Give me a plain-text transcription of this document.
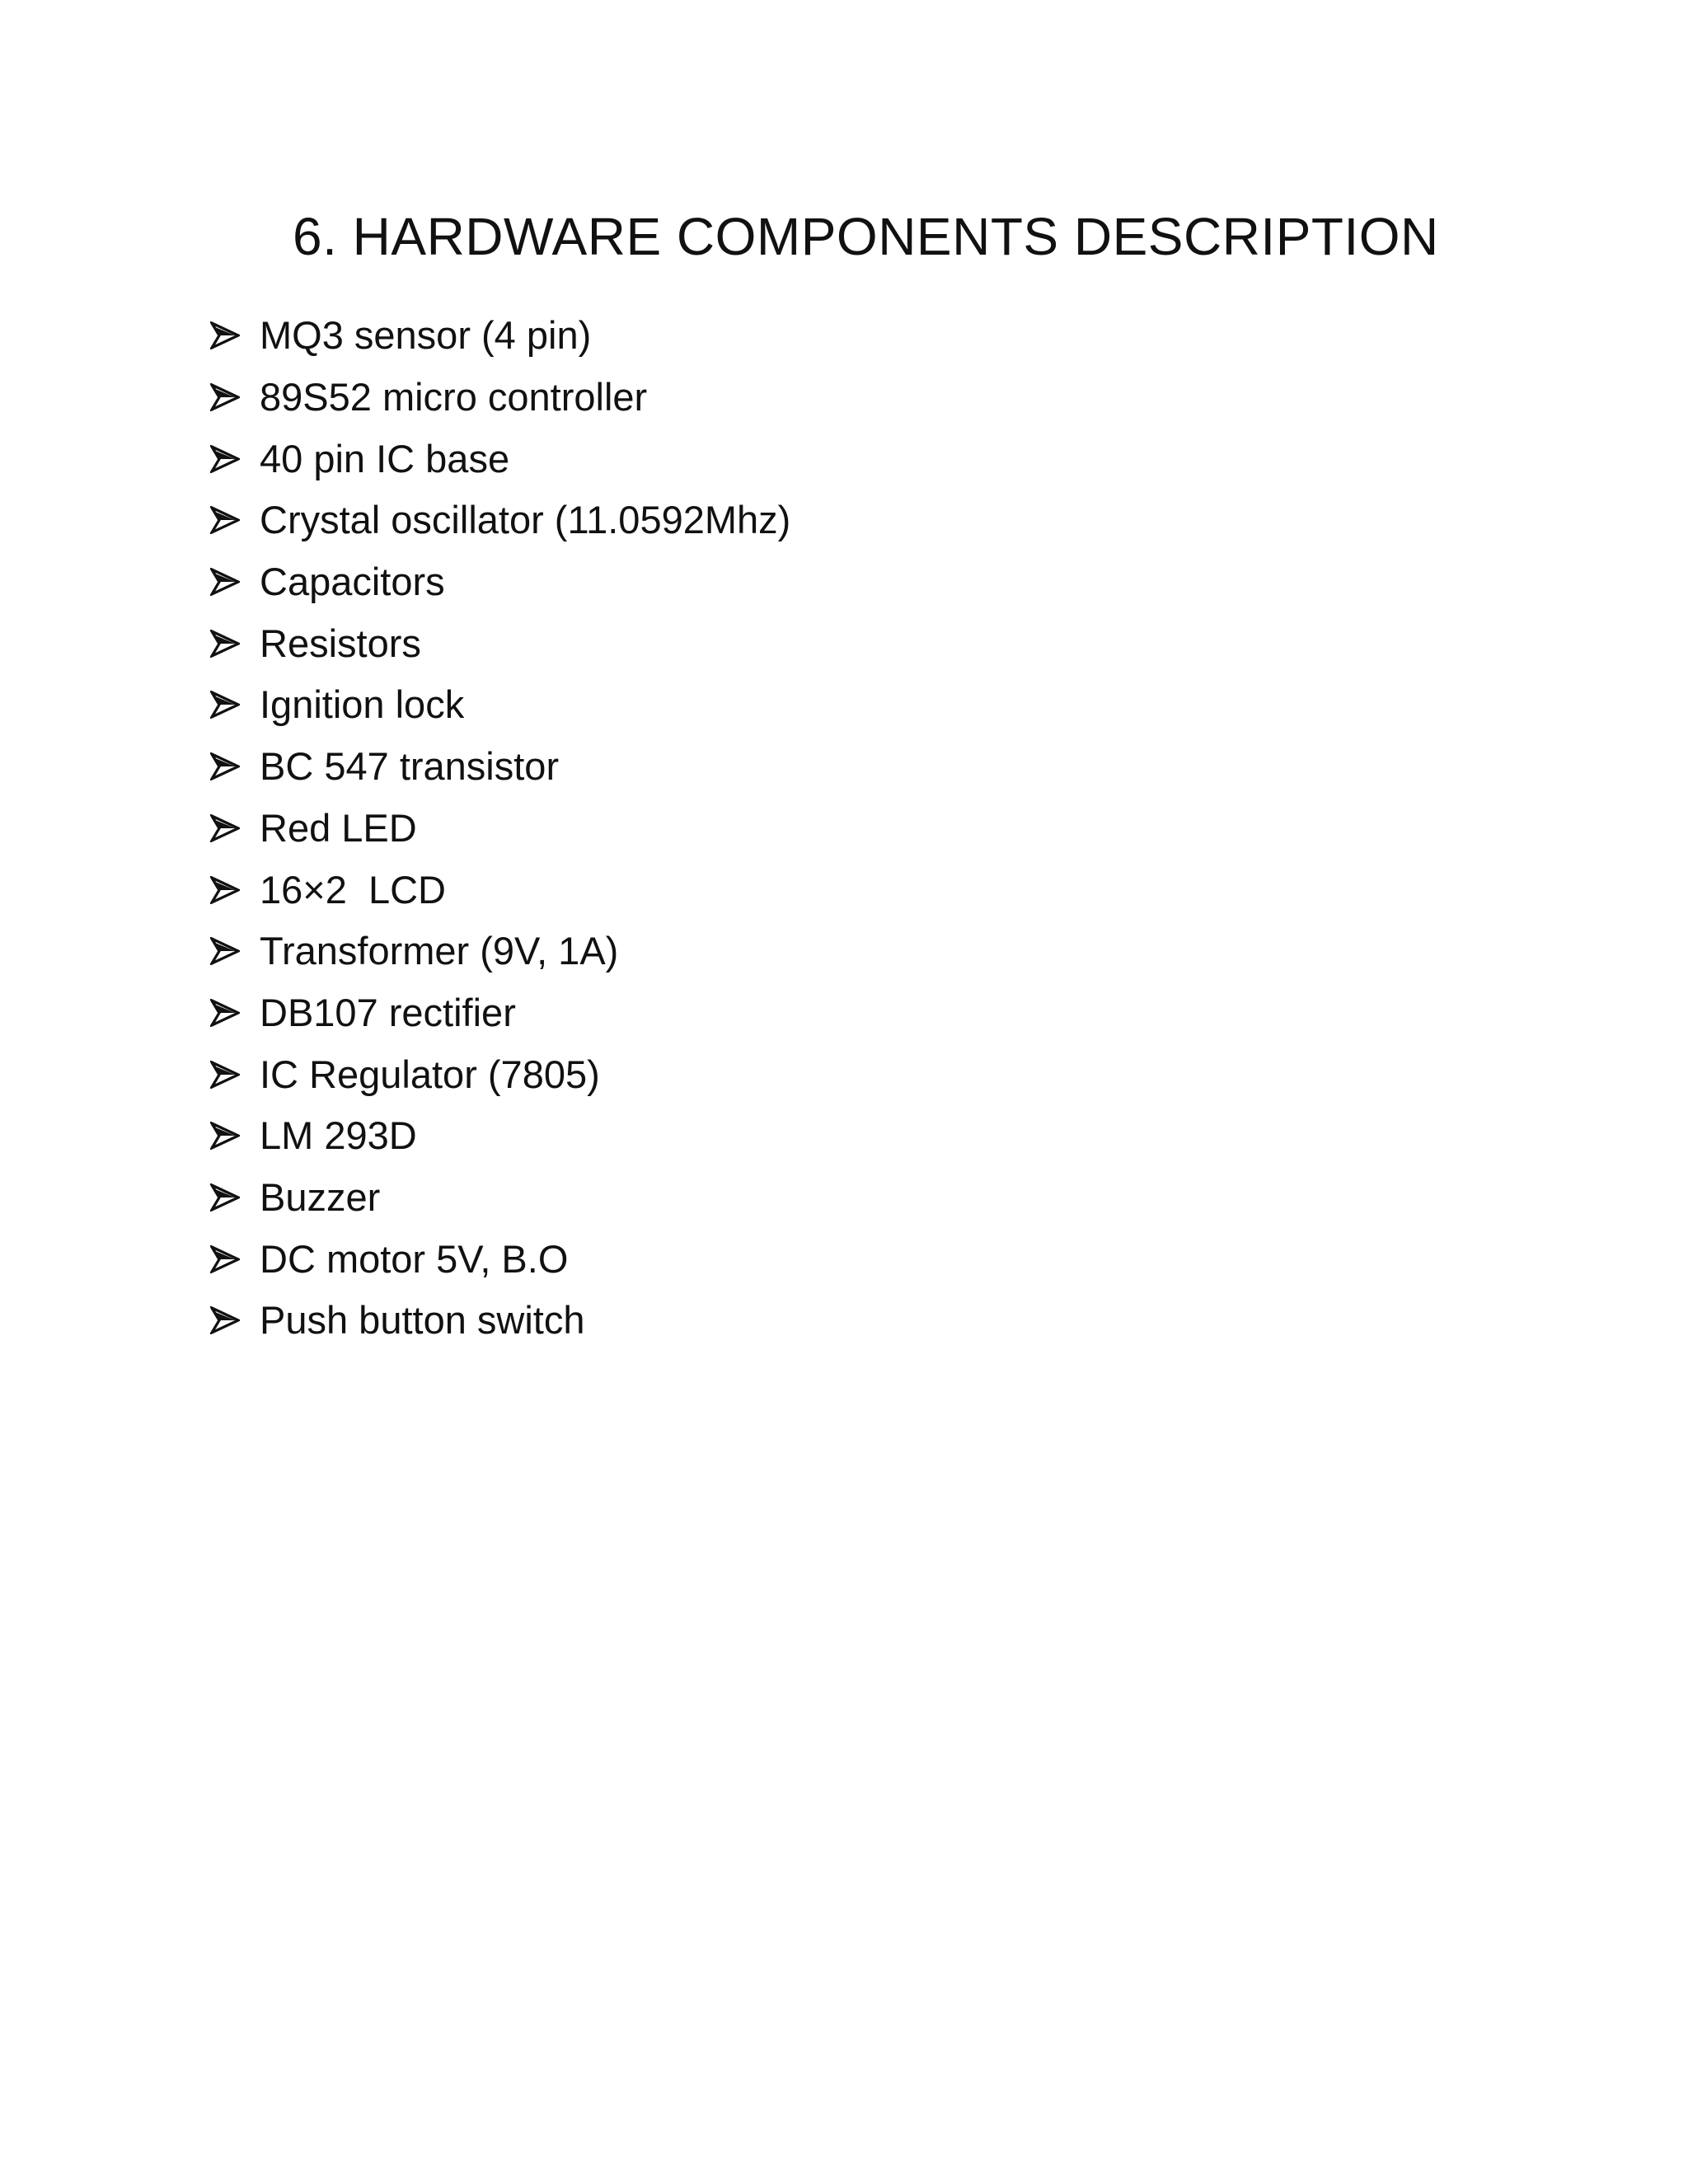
6. HARDWARE COMPONENTS DESCRIPTION
MQ3 sensor (4 pin)
89S52 micro controller
40 pin IC base
Crystal oscillator (11.0592Mhz)
Capacitors
Resistors
Ignition lock
BC 547 transistor
Red LED
16×2  LCD
Transformer (9V, 1A)
DB107 rectifier
IC Regulator (7805)
LM 293D
Buzzer
DC motor 5V, B.O
Push button switch
